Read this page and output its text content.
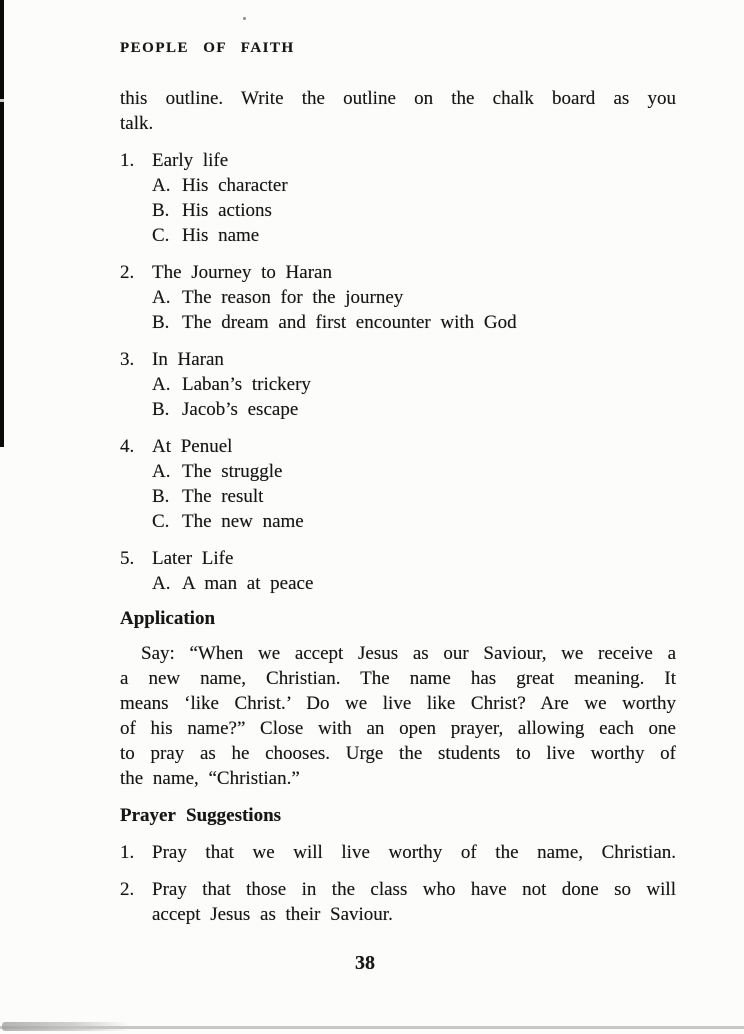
PEOPLE OF FAITH
this outline. Write the outline on the chalk board as you
talk.
1. Early life
A. His character
B. His actions
C. His name
2. The Journey to Haran
A. The reason for the journey
B. The dream and first encounter with God
3. In Haran
A. Laban’s trickery
B. Jacob’s escape
4. At Penuel
A. The struggle
B. The result
C. The new name
5. Later Life
A. A man at peace
Application
Say: “When we accept Jesus as our Saviour, we receive a
a new name, Christian. The name has great meaning. It
means ‘like Christ.’ Do we live like Christ? Are we worthy
of his name?” Close with an open prayer, allowing each one
to pray as he chooses. Urge the students to live worthy of
the name, “Christian.”
Prayer Suggestions
1. Pray that we will live worthy of the name, Christian.
2. Pray that those in the class who have not done so will
accept Jesus as their Saviour.
38
